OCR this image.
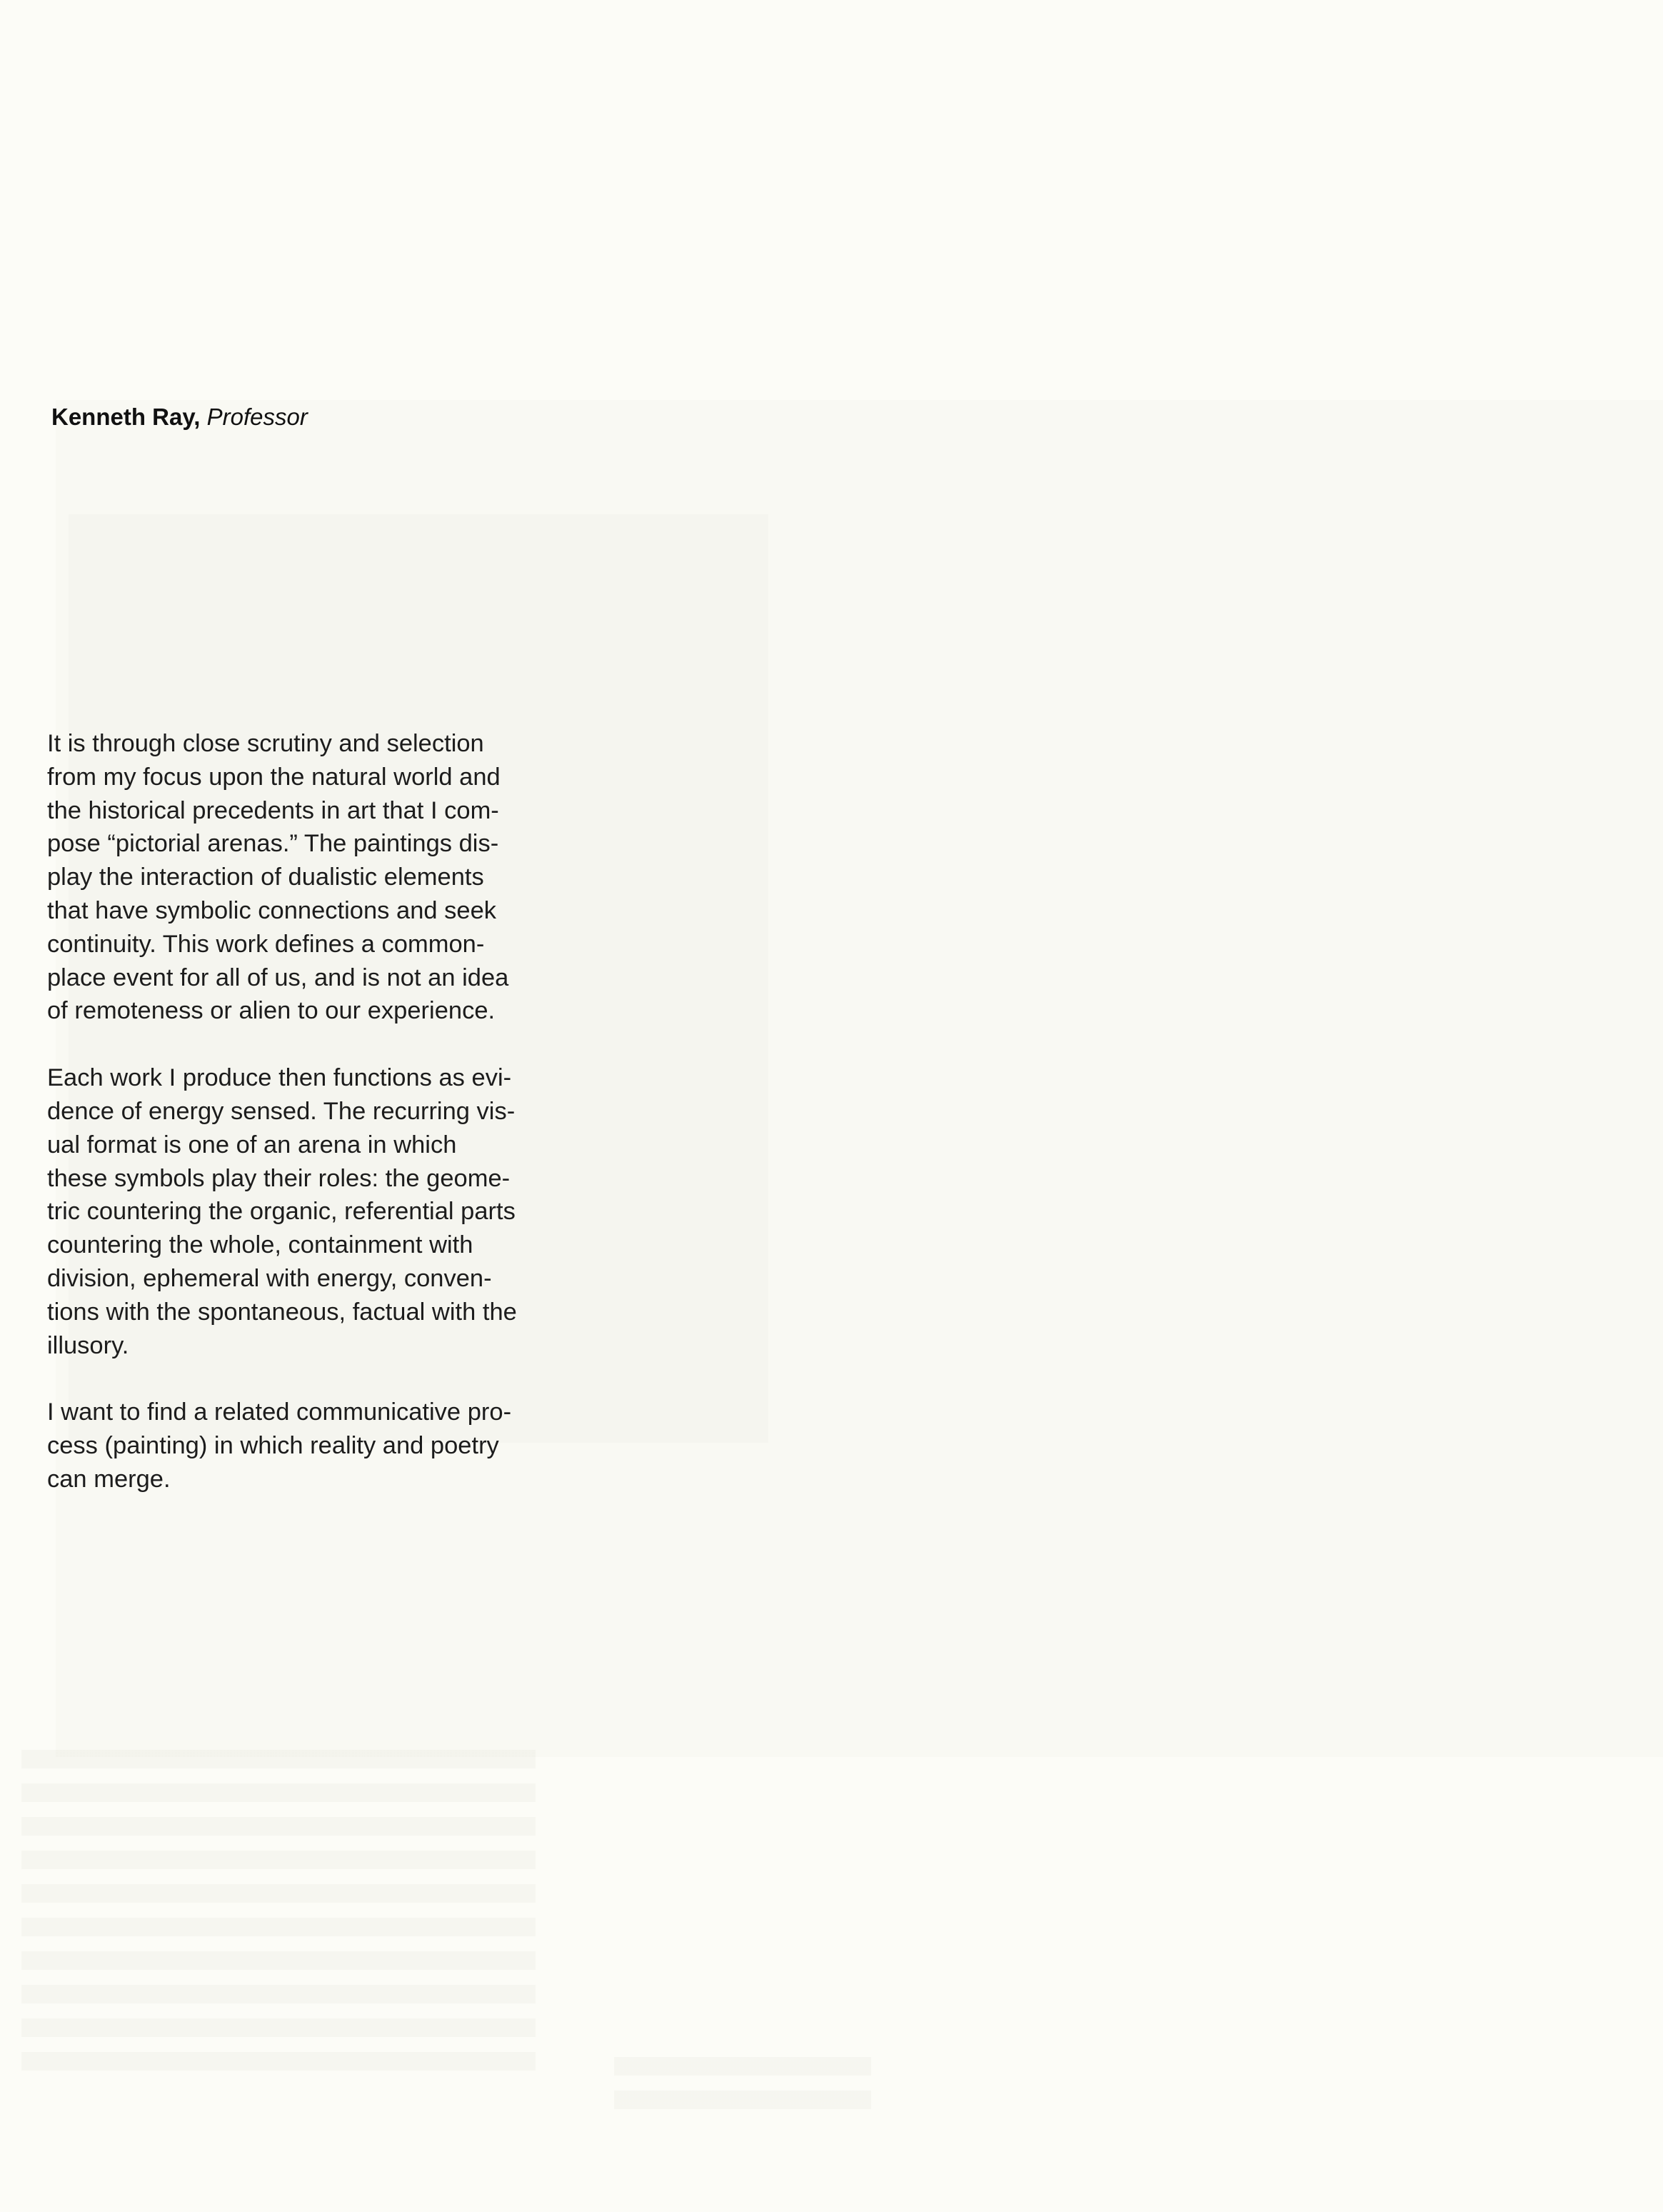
Kenneth Ray, Professor

It is through close scrutiny and selection
from my focus upon the natural world and
the historical precedents in art that I com-
pose “pictorial arenas.” The paintings dis-
play the interaction of dualistic elements
that have symbolic connections and seek
continuity. This work defines a common-
place event for all of us, and is not an idea
of remoteness or alien to our experience.

Each work I produce then functions as evi-
dence of energy sensed. The recurring vis-
ual format is one of an arena in which
these symbols play their roles: the geome-
tric countering the organic, referential parts
countering the whole, containment with
division, ephemeral with energy, conven-
tions with the spontaneous, factual with the
illusory.

I want to find a related communicative pro-
cess (painting) in which reality and poetry
can merge.
